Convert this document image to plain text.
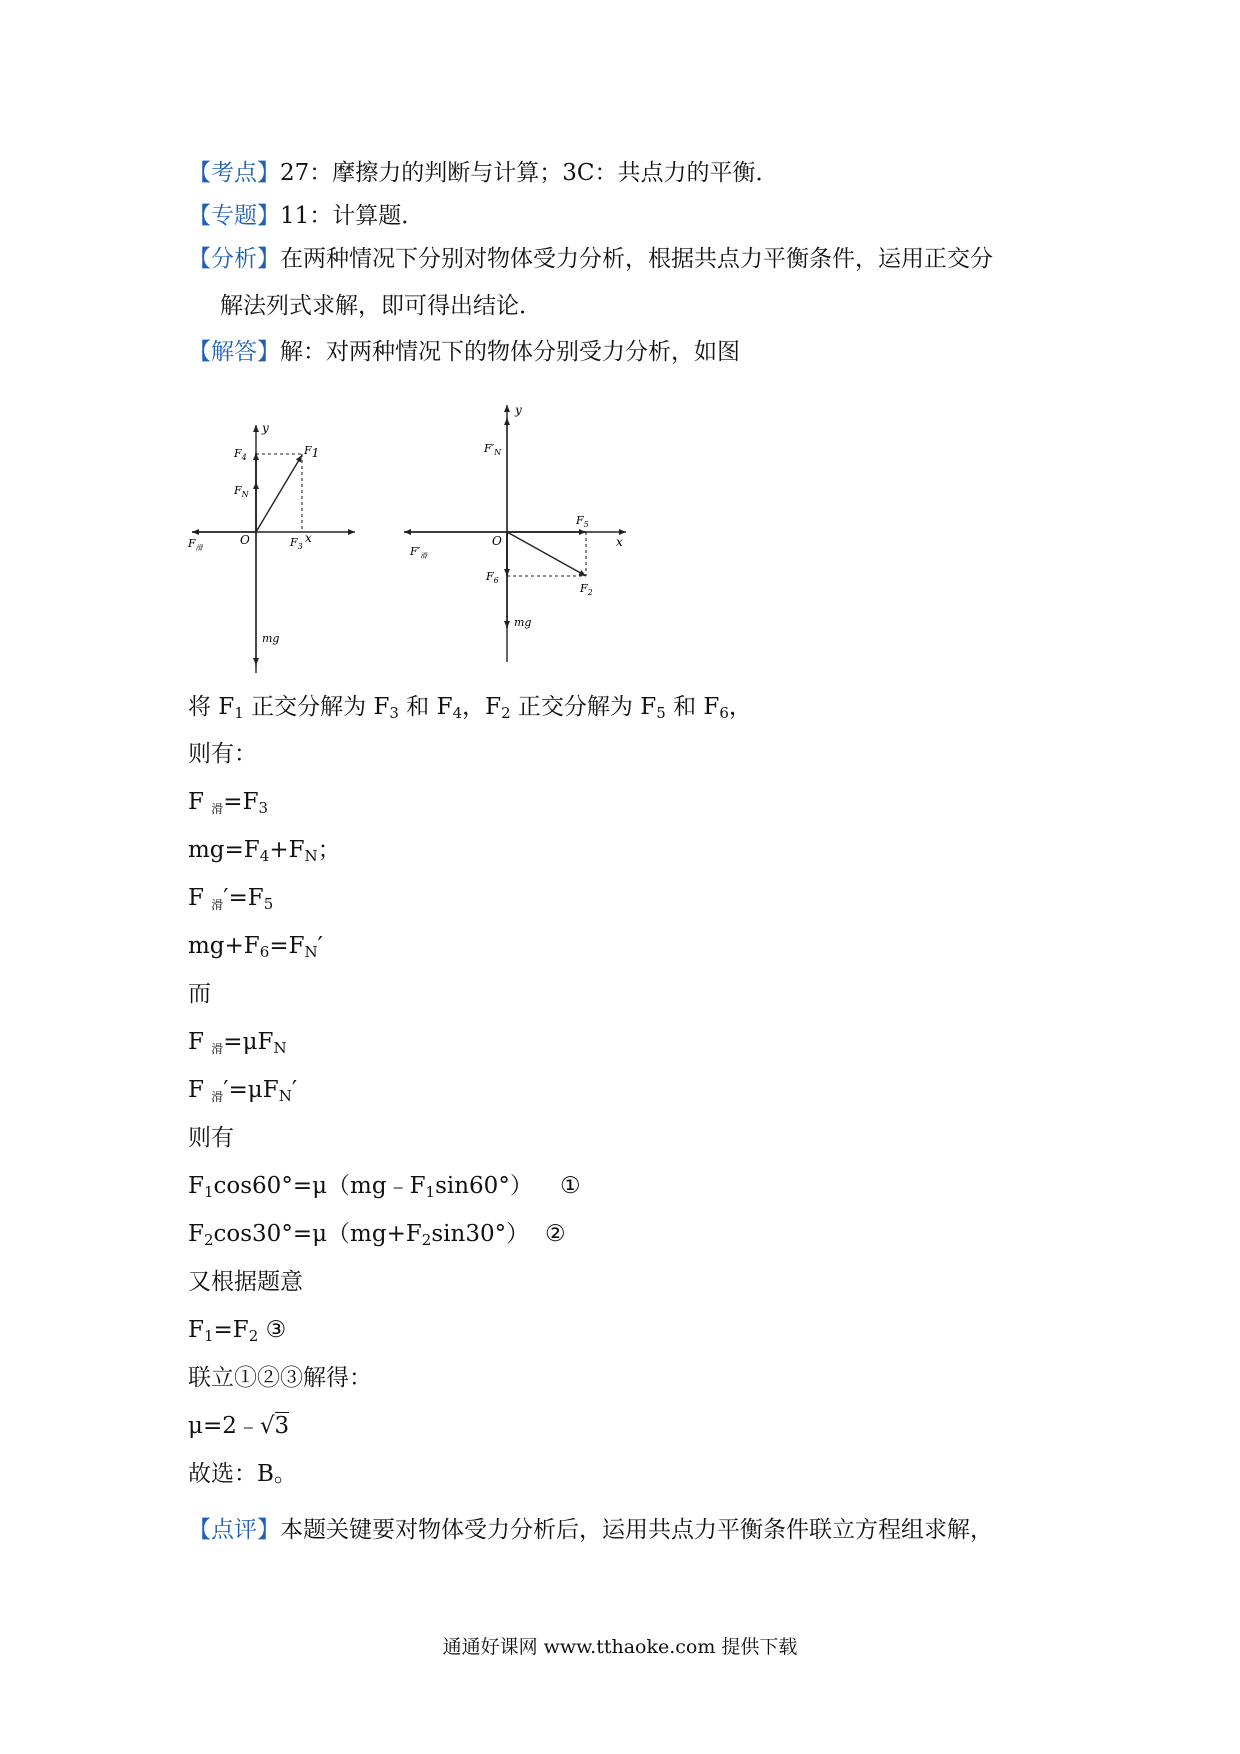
【考点】27：摩擦力的判断与计算；3C：共点力的平衡．
【专题】11：计算题．
【分析】在两种情况下分别对物体受力分析，根据共点力平衡条件，运用正交分
解法列式求解，即可得出结论．
【解答】解：对两种情况下的物体分别受力分析，如图
y
x
O
F1
$F_4$
$F_N$
$F_3$
$F_滑$
mg
y
x
O
$F'_N$
$F_5$
$F_6$
$F_2$
$F'_滑$
mg
将 $F_1$ 正交分解为 $F_3$ 和 $F_4$，$F_2$ 正交分解为 $F_5$ 和 $F_6$，
则有：
F $_滑=F_3$
$mg=F_4+F_N$；
F $_滑'=F_5$
$mg+F_6=F_N'$
而
F $_滑=\mu F_N$
F $_滑'=\mu F_N'$
则有
$F_1\cos 60^\circ=\mu(mg﹣F_1\sin 60^\circ)$ ①
$F_2\cos 30^\circ=\mu(mg+F_2\sin 30^\circ)$ ②
又根据题意
$F_1=F_2$ ③
联立①②③解得：
μ=2﹣√3
故选：B。
【点评】本题关键要对物体受力分析后，运用共点力平衡条件联立方程组求解，
通通好课网 www.tthaoke.com 提供下载
